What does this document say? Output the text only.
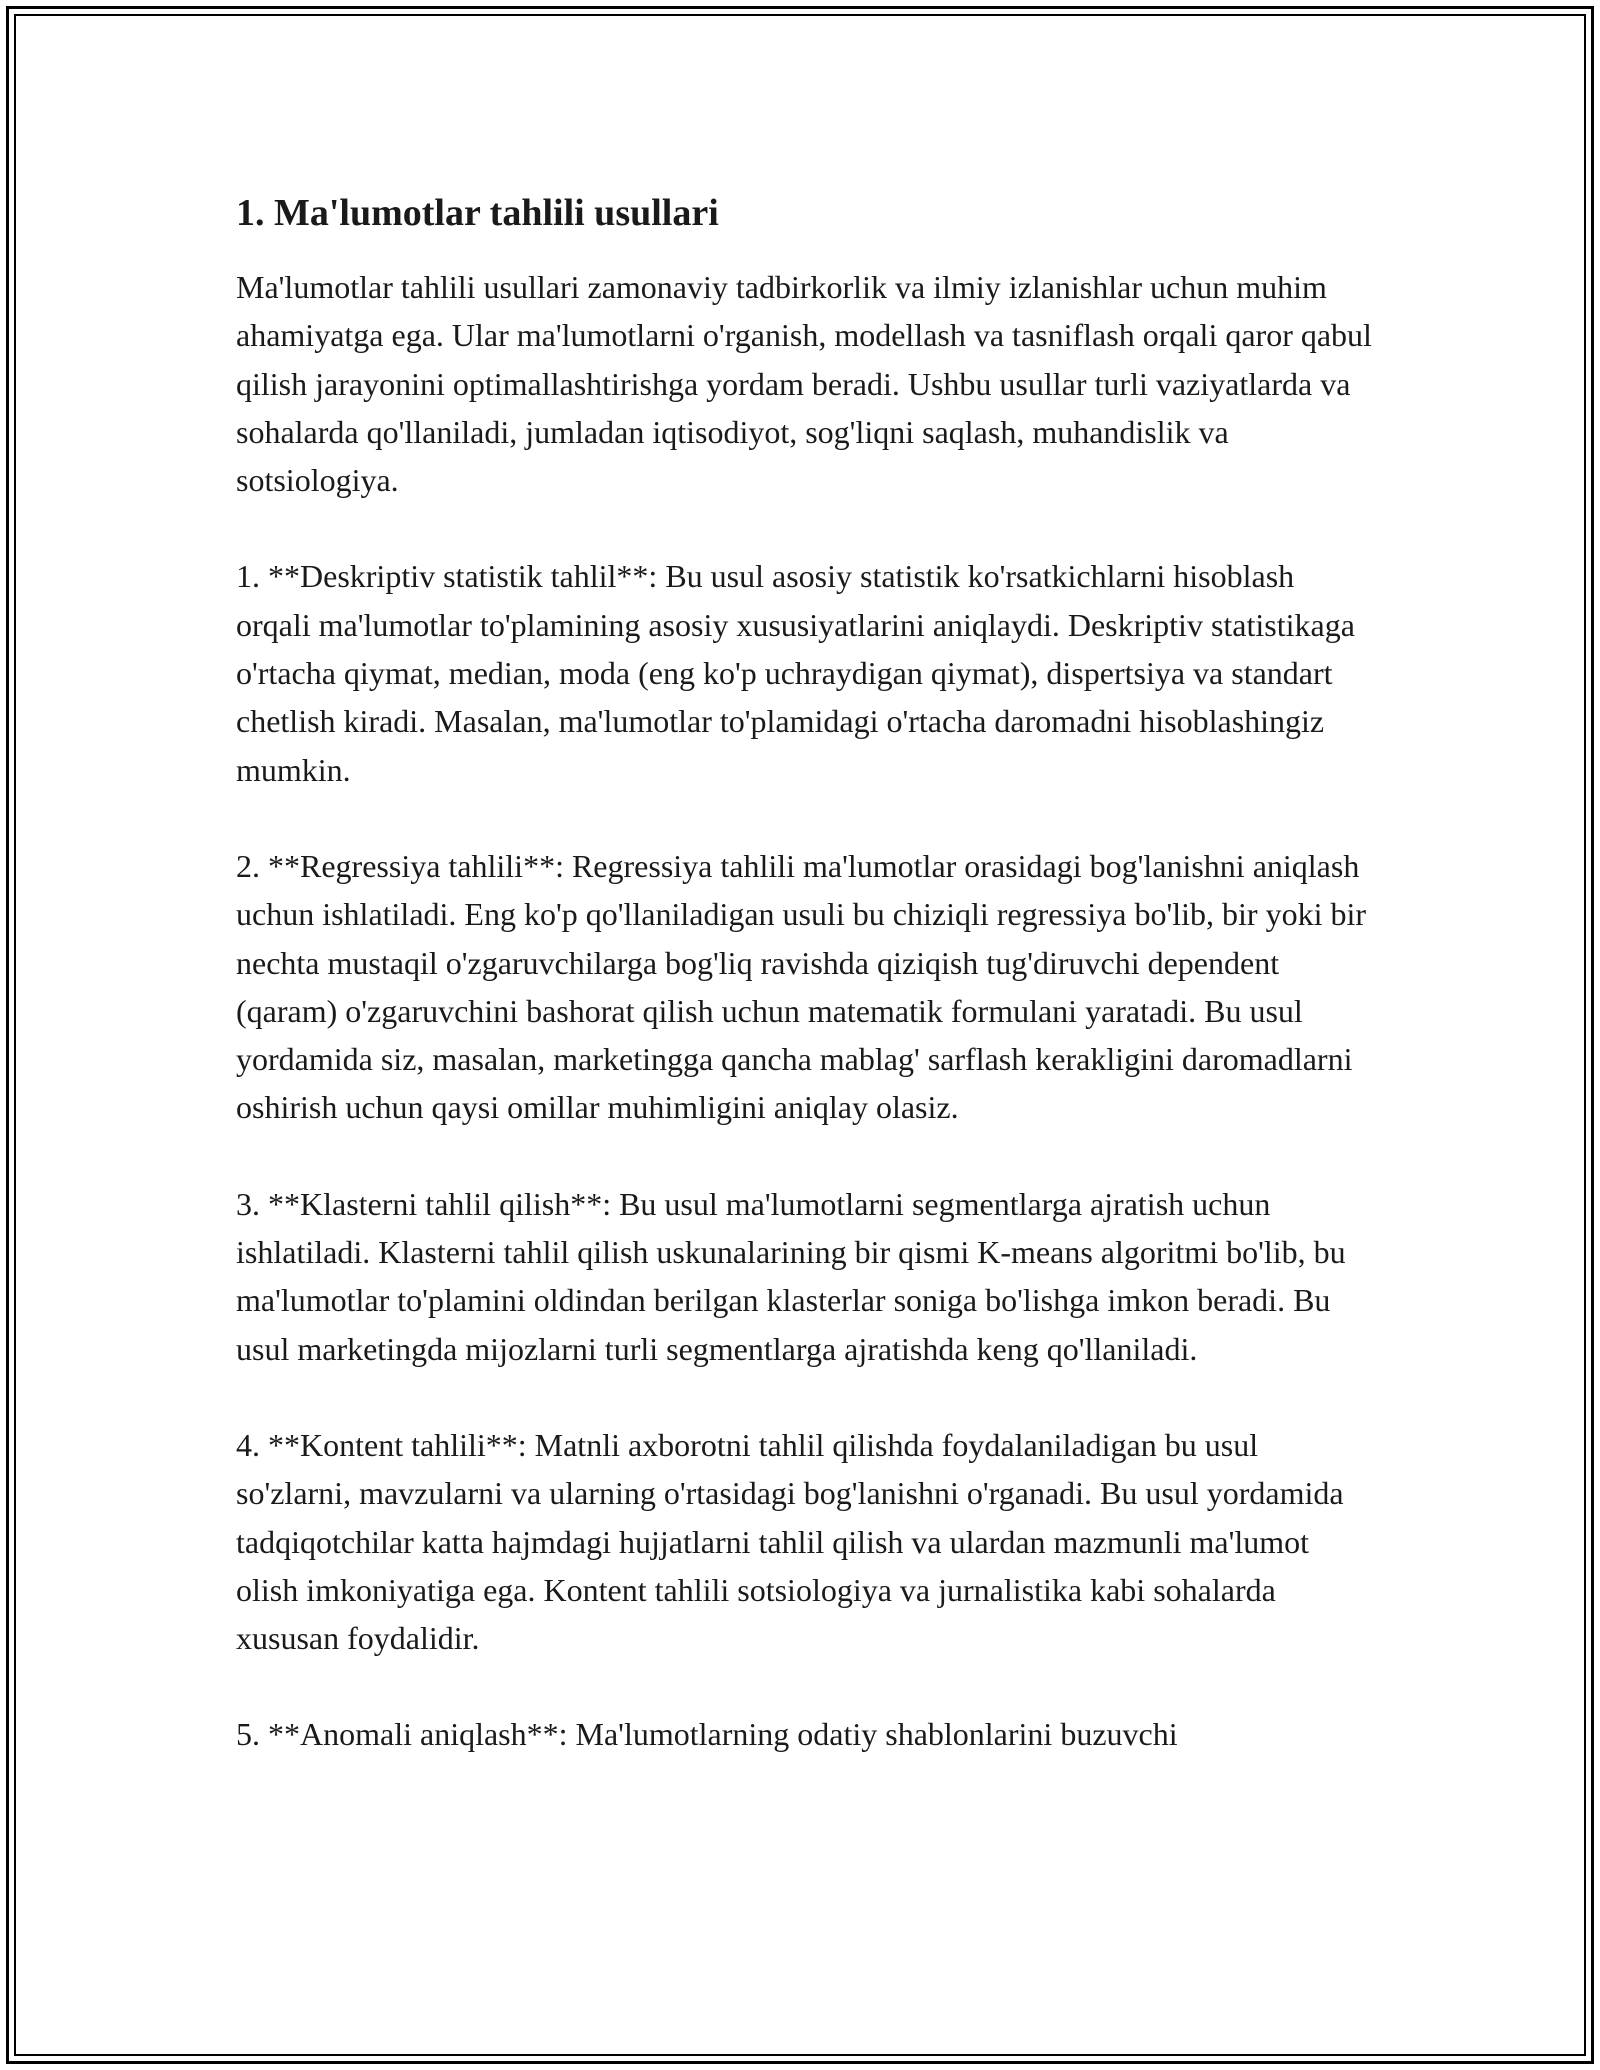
1. Ma'lumotlar tahlili usullari

Ma'lumotlar tahlili usullari zamonaviy tadbirkorlik va ilmiy izlanishlar uchun muhim ahamiyatga ega. Ular ma'lumotlarni o'rganish, modellash va tasniflash orqali qaror qabul qilish jarayonini optimallashtirishga yordam beradi. Ushbu usullar turli vaziyatlarda va sohalarda qo'llaniladi, jumladan iqtisodiyot, sog'liqni saqlash, muhandislik va sotsiologiya.

1. **Deskriptiv statistik tahlil**: Bu usul asosiy statistik ko'rsatkichlarni hisoblash orqali ma'lumotlar to'plamining asosiy xususiyatlarini aniqlaydi. Deskriptiv statistikaga o'rtacha qiymat, median, moda (eng ko'p uchraydigan qiymat), dispertsiya va standart chetlish kiradi. Masalan, ma'lumotlar to'plamidagi o'rtacha daromadni hisoblashingiz mumkin.

2. **Regressiya tahlili**: Regressiya tahlili ma'lumotlar orasidagi bog'lanishni aniqlash uchun ishlatiladi. Eng ko'p qo'llaniladigan usuli bu chiziqli regressiya bo'lib, bir yoki bir nechta mustaqil o'zgaruvchilarga bog'liq ravishda qiziqish tug'diruvchi dependent (qaram) o'zgaruvchini bashorat qilish uchun matematik formulani yaratadi. Bu usul yordamida siz, masalan, marketingga qancha mablag' sarflash kerakligini daromadlarni oshirish uchun qaysi omillar muhimligini aniqlay olasiz.

3. **Klasterni tahlil qilish**: Bu usul ma'lumotlarni segmentlarga ajratish uchun ishlatiladi. Klasterni tahlil qilish uskunalarining bir qismi K-means algoritmi bo'lib, bu ma'lumotlar to'plamini oldindan berilgan klasterlar soniga bo'lishga imkon beradi. Bu usul marketingda mijozlarni turli segmentlarga ajratishda keng qo'llaniladi.

4. **Kontent tahlili**: Matnli axborotni tahlil qilishda foydalaniladigan bu usul so'zlarni, mavzularni va ularning o'rtasidagi bog'lanishni o'rganadi. Bu usul yordamida tadqiqotchilar katta hajmdagi hujjatlarni tahlil qilish va ulardan mazmunli ma'lumot olish imkoniyatiga ega. Kontent tahlili sotsiologiya va jurnalistika kabi sohalarda xususan foydalidir.

5. **Anomali aniqlash**: Ma'lumotlarning odatiy shablonlarini buzuvchi
